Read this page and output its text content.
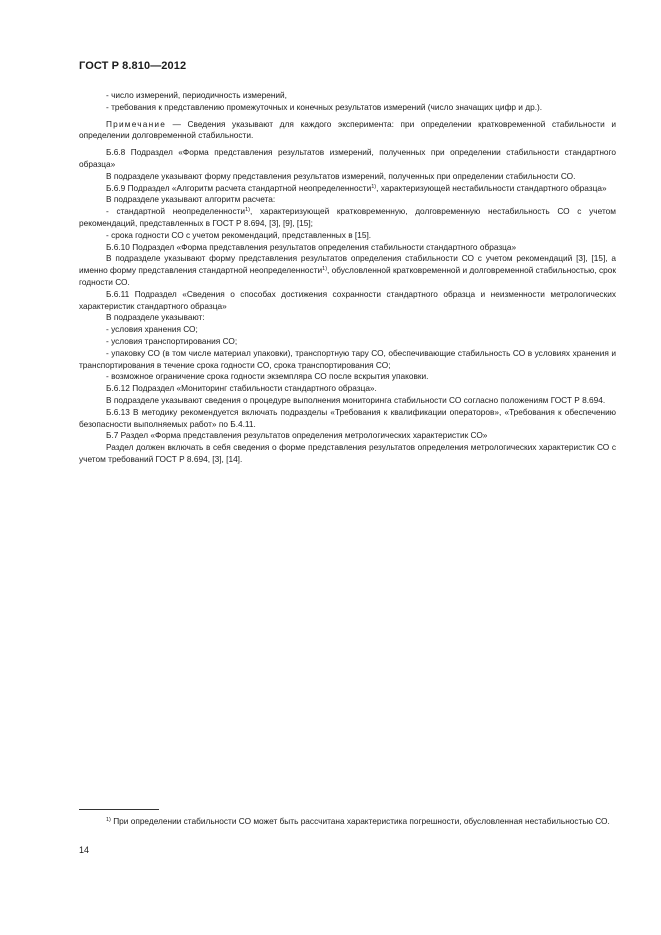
ГОСТ Р 8.810—2012

- число измерений, периодичность измерений,

- требования к представлению промежуточных и конечных результатов измерений (число значащих цифр и др.).

Примечание — Сведения указывают для каждого эксперимента: при определении кратковременной стабильности и определении долговременной стабильности.

Б.6.8 Подраздел «Форма представления результатов измерений, полученных при определении стабильности стандартного образца»

В подразделе указывают форму представления результатов измерений, полученных при определении стабильности СО.

Б.6.9 Подраздел «Алгоритм расчета стандартной неопределенности$^{1)}$, характеризующей нестабильности стандартного образца»

В подразделе указывают алгоритм расчета:

- стандартной неопределенности$^{1)}$, характеризующей кратковременную, долговременную нестабильность СО с учетом рекомендаций, представленных в ГОСТ Р 8.694, [3], [9], [15];

- срока годности СО с учетом рекомендаций, представленных в [15].

Б.6.10 Подраздел «Форма представления результатов определения стабильности стандартного образца»

В подразделе указывают форму представления результатов определения стабильности СО с учетом рекомендаций [3], [15], а именно форму представления стандартной неопределенности$^{1)}$, обусловленной кратковременной и долговременной стабильностью, срок годности СО.

Б.6.11 Подраздел «Сведения о способах достижения сохранности стандартного образца и неизменности метрологических характеристик стандартного образца»

В подразделе указывают:

- условия хранения СО;

- условия транспортирования СО;

- упаковку СО (в том числе материал упаковки), транспортную тару СО, обеспечивающие стабильность СО в условиях хранения и транспортирования в течение срока годности СО, срока транспортирования СО;

- возможное ограничение срока годности экземпляра СО после вскрытия упаковки.

Б.6.12 Подраздел «Мониторинг стабильности стандартного образца».

В подразделе указывают сведения о процедуре выполнения мониторинга стабильности СО согласно положениям ГОСТ Р 8.694.

Б.6.13 В методику рекомендуется включать подразделы «Требования к квалификации операторов», «Требования к обеспечению безопасности выполняемых работ» по Б.4.11.

Б.7 Раздел «Форма представления результатов определения метрологических характеристик СО»

Раздел должен включать в себя сведения о форме представления результатов определения метрологических характеристик СО с учетом требований ГОСТ Р 8.694, [3], [14].

$^{1)}$ При определении стабильности СО может быть рассчитана характеристика погрешности, обусловленная нестабильностью СО.

14
